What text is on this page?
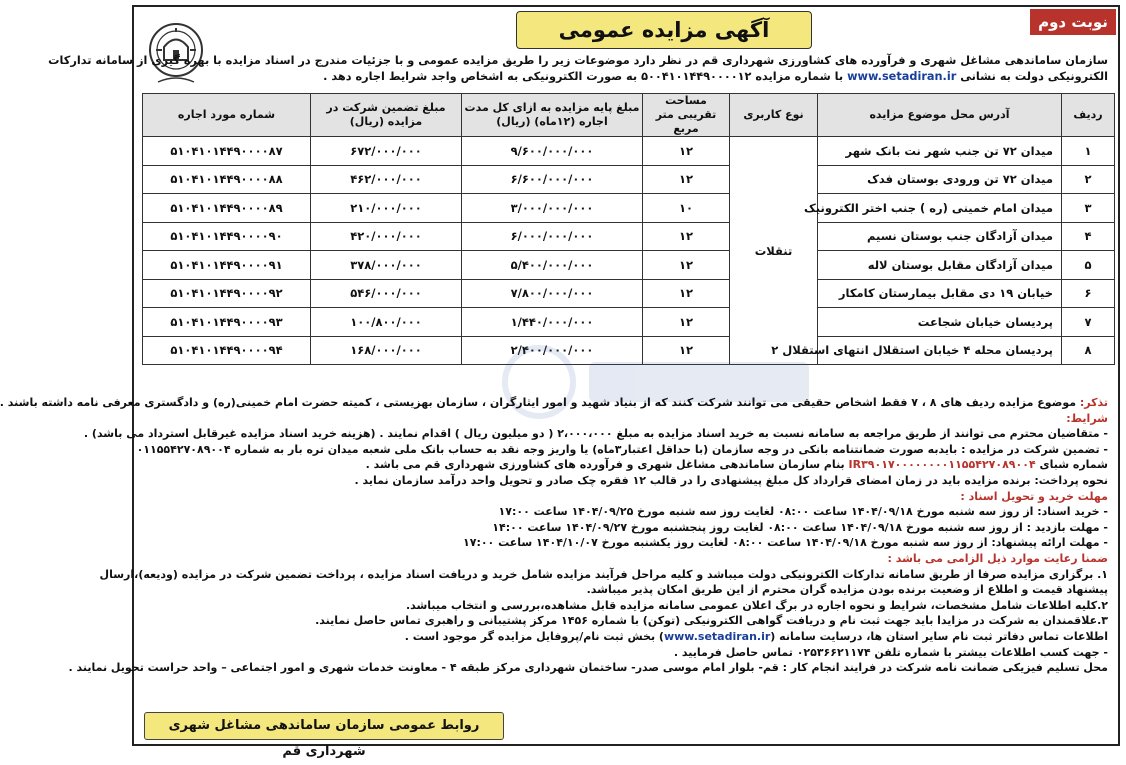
نوبت دوم
آگهی مزایده عمومی

سازمان ساماندهی مشاغل شهری و فرآورده های کشاورزی شهرداری قم در نظر دارد موضوعات زیر را طریق مزایده عمومی و با جزئیات مندرج در اسناد مزایده با بهره گیری از سامانه تدارکات

الکترونیکی دولت به نشانی www.setadiran.ir با شماره مزایده ۵۰۰۴۱۰۱۴۴۹۰۰۰۰۱۲ به صورت الکترونیکی به اشخاص واجد شرایط اجاره دهد .

ردیف	آدرس محل موضوع مزایده	نوع کاربری	مساحت تقریبی متر مربع	مبلغ پایه مزایده به ازای کل مدت اجاره (۱۲ماه) (ریال)	مبلغ تضمین شرکت در مزایده (ریال)	شماره مورد اجاره
۱	میدان ۷۲ تن جنب شهر نت بانک شهر	تنقلات	۱۲	۹/۶۰۰/۰۰۰/۰۰۰	۶۷۲/۰۰۰/۰۰۰	۵۱۰۴۱۰۱۴۴۹۰۰۰۰۸۷
۲	میدان ۷۲ تن ورودی بوستان فدک		۱۲	۶/۶۰۰/۰۰۰/۰۰۰	۴۶۲/۰۰۰/۰۰۰	۵۱۰۴۱۰۱۴۴۹۰۰۰۰۸۸
۳	میدان امام خمینی (ره ) جنب اختر الکترونیک		۱۰	۳/۰۰۰/۰۰۰/۰۰۰	۲۱۰/۰۰۰/۰۰۰	۵۱۰۴۱۰۱۴۴۹۰۰۰۰۸۹
۴	میدان آزادگان جنب بوستان نسیم		۱۲	۶/۰۰۰/۰۰۰/۰۰۰	۴۲۰/۰۰۰/۰۰۰	۵۱۰۴۱۰۱۴۴۹۰۰۰۰۹۰
۵	میدان آزادگان مقابل بوستان لاله		۱۲	۵/۴۰۰/۰۰۰/۰۰۰	۳۷۸/۰۰۰/۰۰۰	۵۱۰۴۱۰۱۴۴۹۰۰۰۰۹۱
۶	خیابان ۱۹ دی مقابل بیمارستان کامکار		۱۲	۷/۸۰۰/۰۰۰/۰۰۰	۵۴۶/۰۰۰/۰۰۰	۵۱۰۴۱۰۱۴۴۹۰۰۰۰۹۲
۷	پردیسان خیابان شجاعت		۱۲	۱/۴۴۰/۰۰۰/۰۰۰	۱۰۰/۸۰۰/۰۰۰	۵۱۰۴۱۰۱۴۴۹۰۰۰۰۹۳
۸	پردیسان محله ۴ خیابان استقلال انتهای استقلال ۲		۱۲	۲/۴۰۰/۰۰۰/۰۰۰	۱۶۸/۰۰۰/۰۰۰	۵۱۰۴۱۰۱۴۴۹۰۰۰۰۹۴

تذکر: موضوع مزایده ردیف های ۸ ، ۷ فقط اشخاص حقیقی می توانند شرکت کنند که از بنیاد شهید و امور ایثارگران ، سازمان بهزیستی ، کمیته حضرت امام خمینی(ره) و دادگستری معرفی نامه داشته باشند .

شرایط:

- متقاضیان محترم می توانند از طریق مراجعه به سامانه نسبت به خرید اسناد مزایده به مبلغ ۲،۰۰۰،۰۰۰ ( دو میلیون ریال ) اقدام نمایند . (هزینه خرید اسناد مزایده غیرقابل استرداد می باشد) .

- تضمین شرکت در مزایده : بایدبه صورت ضمانتنامه بانکی در وجه سازمان (با حداقل اعتبار۳ماه) یا واریز وجه نقد به حساب بانک ملی شعبه میدان تره بار به شماره ۰۱۱۵۵۴۲۷۰۸۹۰۰۴

شماره شبای IR۳۹۰۱۷۰۰۰۰۰۰۰۰۱۱۵۵۴۲۷۰۸۹۰۰۴ بنام سازمان ساماندهی مشاغل شهری و فرآورده های کشاورزی شهرداری قم می باشد .

نحوه پرداخت: برنده مزایده باید در زمان امضای قرارداد کل مبلغ پیشنهادی را در قالب ۱۲ فقره چک صادر و تحویل واحد درآمد سازمان نماید .

مهلت خرید و تحویل اسناد :

- خرید اسناد: از روز سه شنبه مورخ ۱۴۰۴/۰۹/۱۸ ساعت ۰۸:۰۰ لغایت روز سه شنبه مورخ ۱۴۰۴/۰۹/۲۵ ساعت ۱۷:۰۰

- مهلت بازدید : از روز سه شنبه مورخ ۱۴۰۴/۰۹/۱۸ ساعت ۰۸:۰۰ لغایت روز پنجشنبه مورخ ۱۴۰۴/۰۹/۲۷ ساعت ۱۴:۰۰

- مهلت ارائه پیشنهاد: از روز سه شنبه مورخ ۱۴۰۴/۰۹/۱۸ ساعت ۰۸:۰۰ لغایت روز یکشنبه مورخ ۱۴۰۴/۱۰/۰۷ ساعت ۱۷:۰۰

ضمنا رعایت موارد ذیل الزامی می باشد :

۱. برگزاری مزایده صرفا از طریق سامانه تدارکات الکترونیکی دولت میباشد و کلیه مراحل فرآیند مزایده شامل خرید و دریافت اسناد مزایده ، پرداخت تضمین شرکت در مزایده (ودیعه)،ارسال

پیشنهاد قیمت و اطلاع از وضعیت برنده بودن مزایده گران محترم از این طریق امکان پذیر میباشد.

۲.کلیه اطلاعات شامل مشخصات، شرایط و نحوه اجاره در برگ اعلان عمومی سامانه مزایده قابل مشاهده،بررسی و انتخاب میباشد.

۳.علاقمندان به شرکت در مزایدا باید جهت ثبت نام و دریافت گواهی الکترونیکی (توکن) با شماره ۱۴۵۶ مرکز پشتیبانی و راهبری تماس حاصل نمایند.

اطلاعات تماس دفاتر ثبت نام سایر استان ها، درسایت سامانه (www.setadiran.ir) بخش ثبت نام/پروفایل مزایده گر موجود است .

- جهت کسب اطلاعات بیشتر با شماره تلفن ۰۲۵۳۶۶۲۱۱۷۴ تماس حاصل فرمایید .

محل تسلیم فیزیکی ضمانت نامه شرکت در فرایند انجام کار : قم- بلوار امام موسی صدر- ساختمان شهرداری مرکز طبقه ۴ - معاونت خدمات شهری و امور اجتماعی – واحد حراست تحویل نمایند .

روابط عمومی سازمان ساماندهی مشاغل شهری شهرداری قم
